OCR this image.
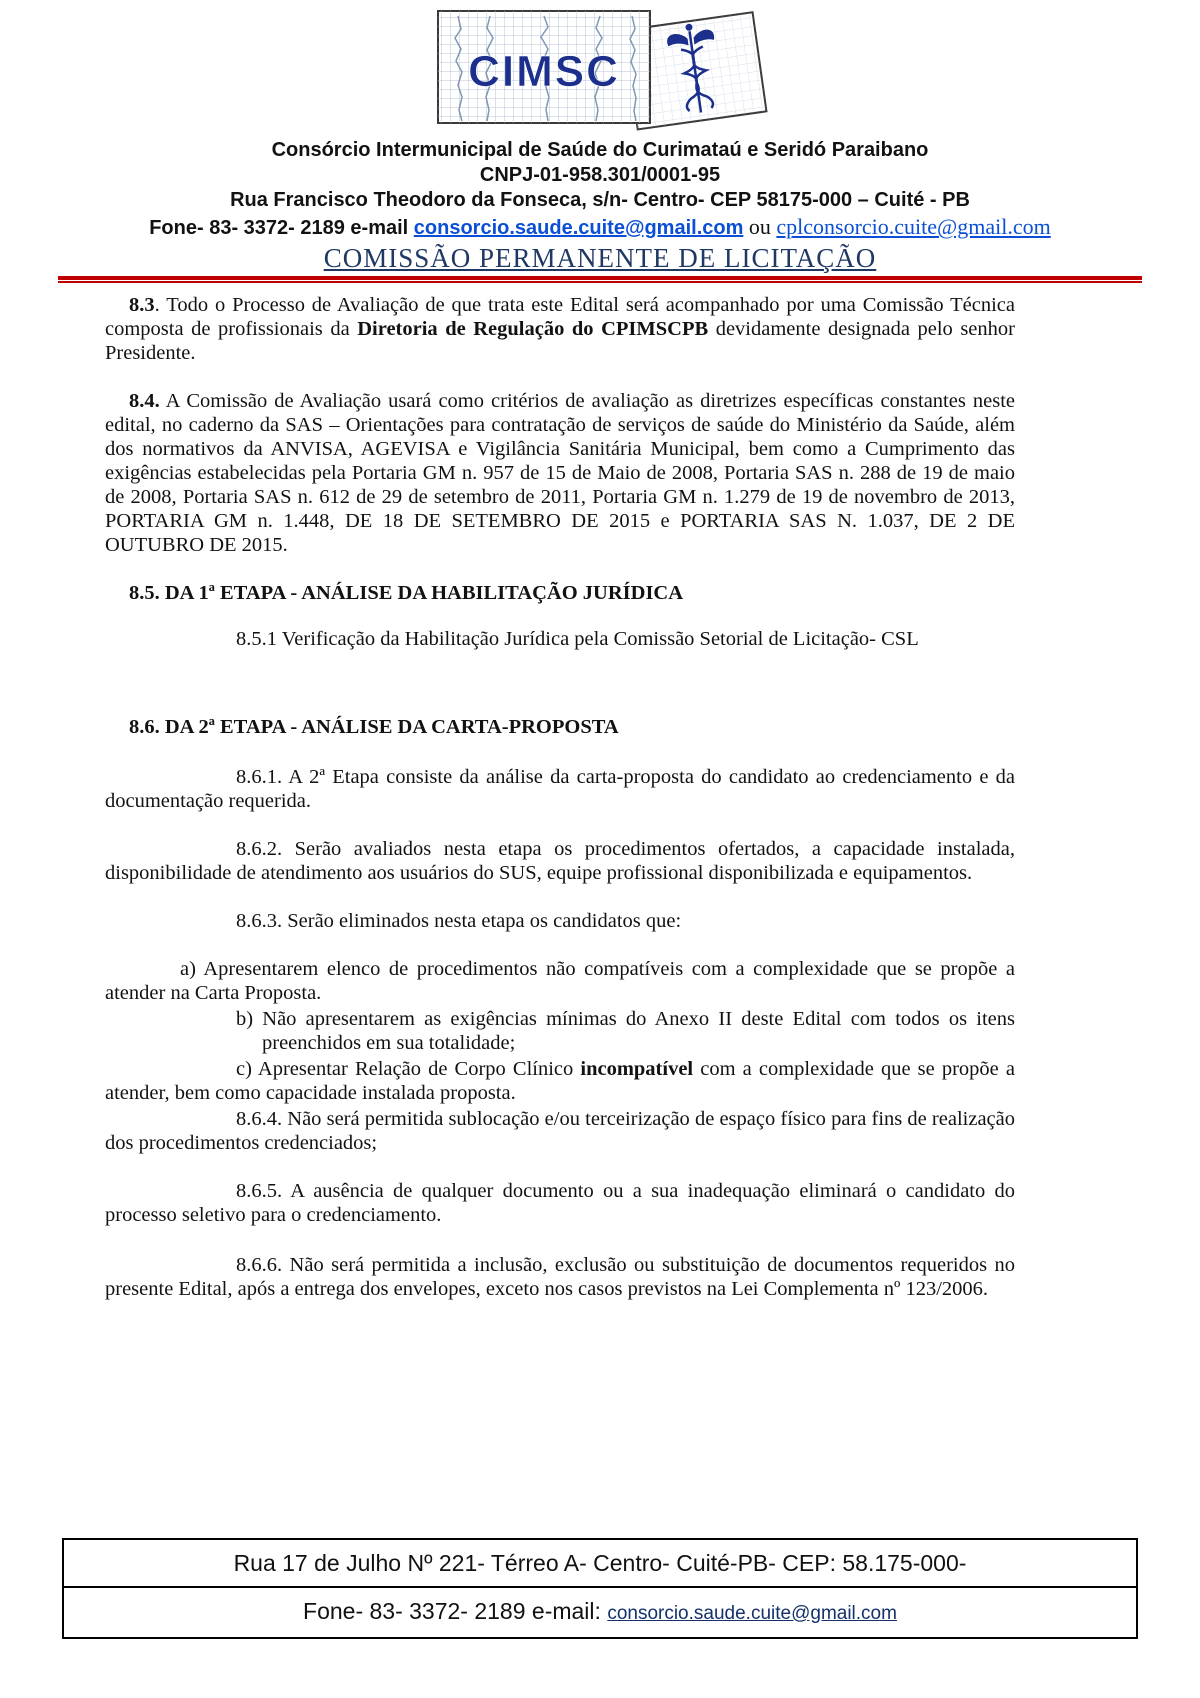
CIMSC
Consórcio Intermunicipal de Saúde do Curimataú e Seridó Paraibano
CNPJ-01-958.301/0001-95
Rua Francisco Theodoro da Fonseca, s/n- Centro- CEP 58175-000 – Cuité - PB
Fone- 83- 3372- 2189 e-mail consorcio.saude.cuite@gmail.com ou cplconsorcio.cuite@gmail.com
COMISSÃO PERMANENTE DE LICITAÇÃO

8.3. Todo o Processo de Avaliação de que trata este Edital será acompanhado por uma Comissão Técnica composta de profissionais da Diretoria de Regulação do CPIMSCPB devidamente designada pelo senhor Presidente.

8.4. A Comissão de Avaliação usará como critérios de avaliação as diretrizes específicas constantes neste edital, no caderno da SAS – Orientações para contratação de serviços de saúde do Ministério da Saúde, além dos normativos da ANVISA, AGEVISA e Vigilância Sanitária Municipal, bem como a Cumprimento das exigências estabelecidas pela Portaria GM n. 957 de 15 de Maio de 2008, Portaria SAS n. 288 de 19 de maio de 2008, Portaria SAS n. 612 de 29 de setembro de 2011, Portaria GM n. 1.279 de 19 de novembro de 2013, PORTARIA GM n. 1.448, DE 18 DE SETEMBRO DE 2015 e PORTARIA SAS N. 1.037, DE 2 DE OUTUBRO DE 2015.

8.5. DA 1ª ETAPA - ANÁLISE DA HABILITAÇÃO JURÍDICA

8.5.1 Verificação da Habilitação Jurídica pela Comissão Setorial de Licitação- CSL

8.6. DA 2ª ETAPA - ANÁLISE DA CARTA-PROPOSTA

8.6.1. A 2ª Etapa consiste da análise da carta-proposta do candidato ao credenciamento e da documentação requerida.

8.6.2. Serão avaliados nesta etapa os procedimentos ofertados, a capacidade instalada, disponibilidade de atendimento aos usuários do SUS, equipe profissional disponibilizada e equipamentos.

8.6.3. Serão eliminados nesta etapa os candidatos que:

a) Apresentarem elenco de procedimentos não compatíveis com a complexidade que se propõe a atender na Carta Proposta.

b) Não apresentarem as exigências mínimas do Anexo II deste Edital com todos os itens preenchidos em sua totalidade;

c) Apresentar Relação de Corpo Clínico incompatível com a complexidade que se propõe a atender, bem como capacidade instalada proposta.

8.6.4. Não será permitida sublocação e/ou terceirização de espaço físico para fins de realização dos procedimentos credenciados;

8.6.5. A ausência de qualquer documento ou a sua inadequação eliminará o candidato do processo seletivo para o credenciamento.

8.6.6. Não será permitida a inclusão, exclusão ou substituição de documentos requeridos no presente Edital, após a entrega dos envelopes, exceto nos casos previstos na Lei Complementa nº 123/2006.

Rua 17 de Julho Nº 221- Térreo A- Centro- Cuité-PB- CEP: 58.175-000-
Fone- 83- 3372- 2189 e-mail: consorcio.saude.cuite@gmail.com
